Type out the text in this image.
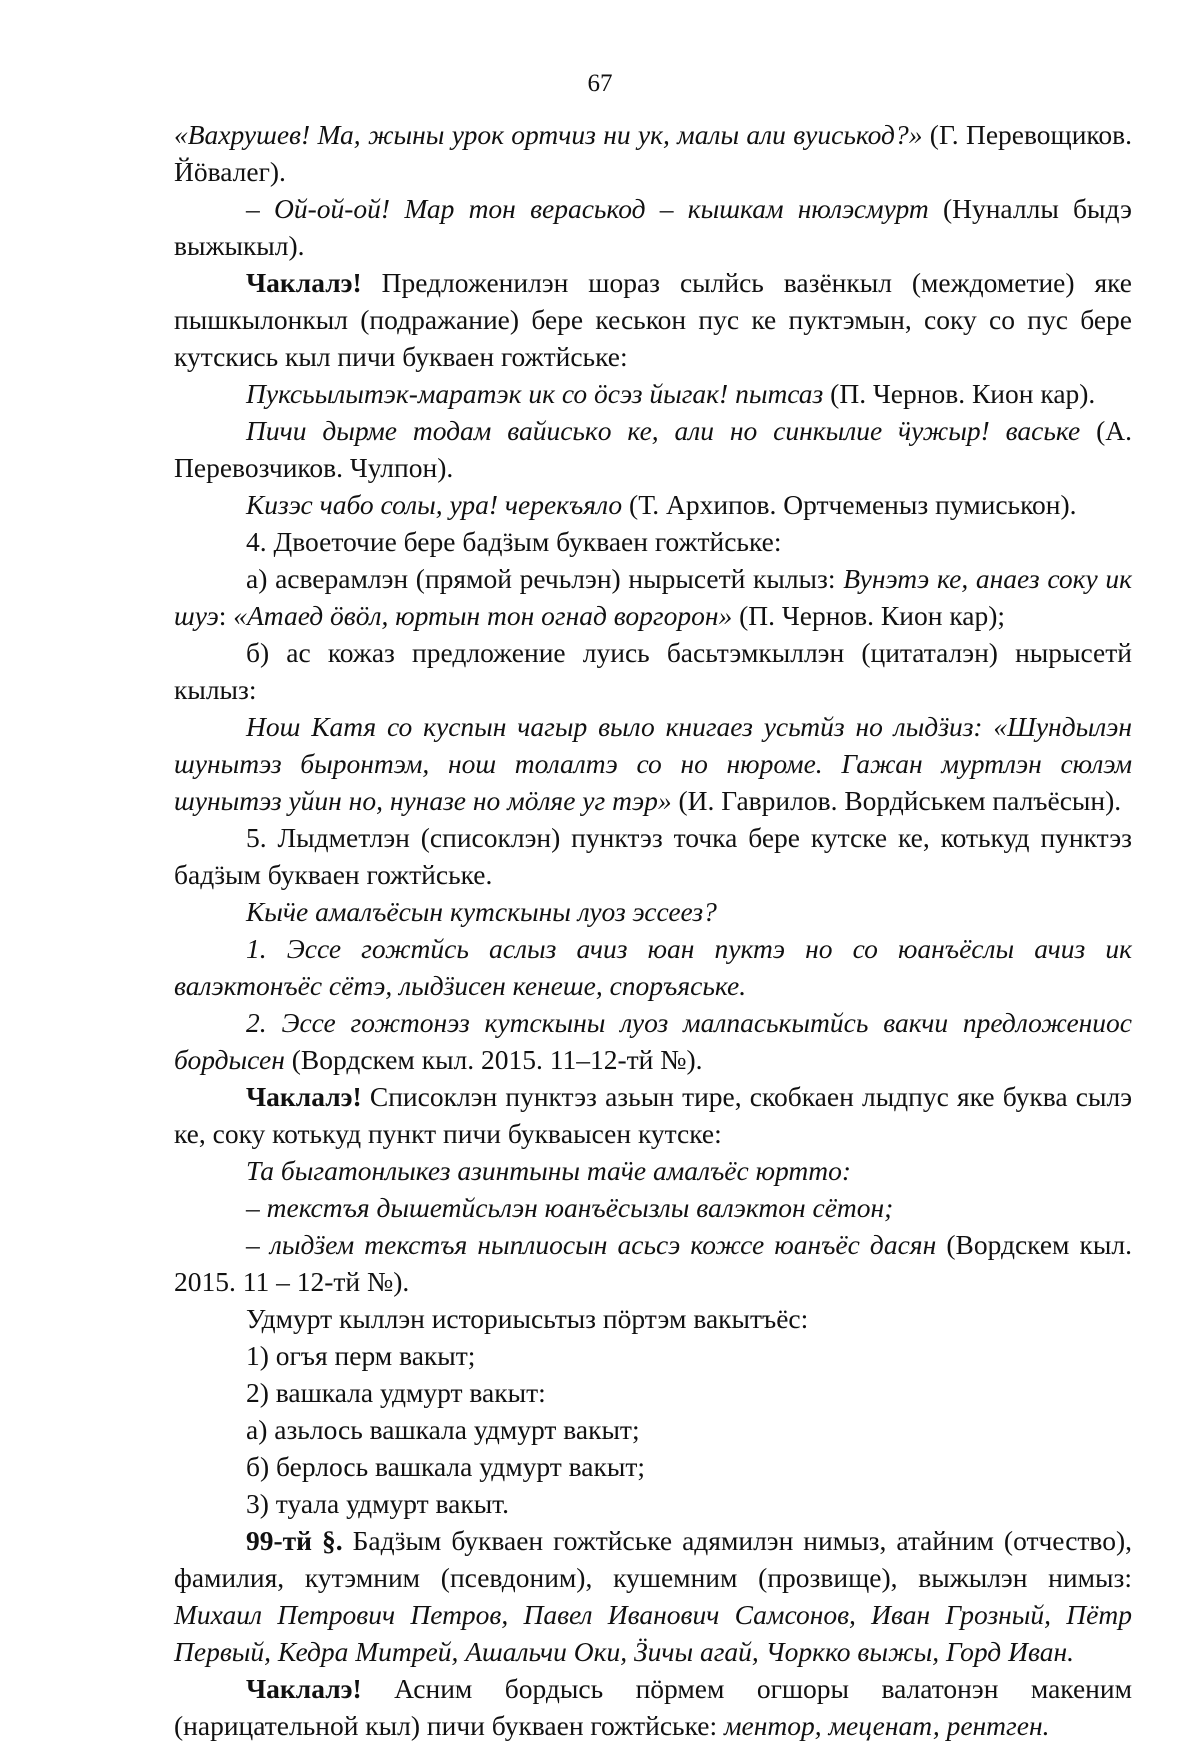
67

«Вахрушев! Ма, жыны урок ортчиз ни ук, малы али вуиськод?» (Г. Перевощиков. Йӧвалег).

– Ой-ой-ой! Мар тон вераськод – кышкам нюлэсмурт (Нуналлы быдэ выжыкыл).

Чаклалэ! Предложенилэн шораз сылйсь вазёнкыл (междометие) яке пышкылонкыл (подражание) бере кеськон пус ке пуктэмын, соку со пус бере кутскись кыл пичи букваен гожтйське:

Пуксьылытэк-маратэк ик со ӧсэз йыгак! пытсаз (П. Чернов. Кион кар).

Пичи дырме тодам вайиськo ке, али но синкылие ӵужыр! ваське (А. Перевозчиков. Чулпон).

Кизэс чабо солы, ура! черекъяло (Т. Архипов. Ортчеменыз пумиськон).

4. Двоеточие бере бадӟым букваен гожтйське:

а) асверамлэн (прямой речьлэн) нырысетй кылыз: Вунэтэ ке, анаез соку ик шуэ: «Атаед ӧвӧл, юртын тон огнад воргорон» (П. Чернов. Кион кар);

б) ас кожаз предложение луись басьтэмкыллэн (цитаталэн) нырысетй кылыз:

Нош Катя со куспын чагыр выло книгаез усьтйз но лыдӟиз: «Шундылэн шунытэз быронтэм, нош толалтэ со но нюроме. Гажан муртлэн сюлэм шунытэз уйин но, нуназе но мӧляе уг тэр» (И. Гаврилов. Вордйськем палъёсын).

5. Лыдметлэн (списоклэн) пунктэз точка бере кутске ке, котькуд пунктэз бадӟым букваен гожтйське.

Кыӵе амалъёсын кутскыны луоз эссеез?

1. Эссе гожтйсь аслыз ачиз юан пуктэ но со юанъёслы ачиз ик валэктонъёс сётэ, лыдӟисен кенеше, споръяське.

2. Эссе гожтонэз кутскыны луоз малпаськытйсь вакчи предложениос бордысен (Вордскем кыл. 2015. 11–12-тй №).

Чаклалэ! Списоклэн пунктэз азьын тире, скобкаен лыдпус яке буква сылэ ке, соку котькуд пункт пичи буквaысен кутске:

Та быгатонлыкез азинтыны таӵе амалъёс юртто:

– текстъя дышетйсьлэн юанъёсызлы валэктон сётон;

– лыдӟем текстъя ныплиосын асьсэ кожсе юанъёс дасян (Вордскем кыл. 2015. 11 – 12-тй №).

Удмурт кыллэн историысьтыз пӧртэм вакытъёс:

1) огъя перм вакыт;

2) вашкала удмурт вакыт:

а) азьлось вашкала удмурт вакыт;

б) берлось вашкала удмурт вакыт;

3) туала удмурт вакыт.

99-тй §. Бадӟым букваен гожтйське адямилэн нимыз, атайним (отчество), фамилия, кутэмним (псевдоним), кушемним (прозвище), выжылэн нимыз: Михаил Петрович Петров, Павел Иванович Самсонов, Иван Грозный, Пётр Первый, Кедра Митрей, Ашальчи Оки, Ӟичы агай, Чоркко выжы, Горд Иван.

Чаклалэ! Асним бордысь пӧрмем огшоры валатонэн макеним (нарицательной кыл) пичи букваен гожтйське: ментор, меценат, рентген.
